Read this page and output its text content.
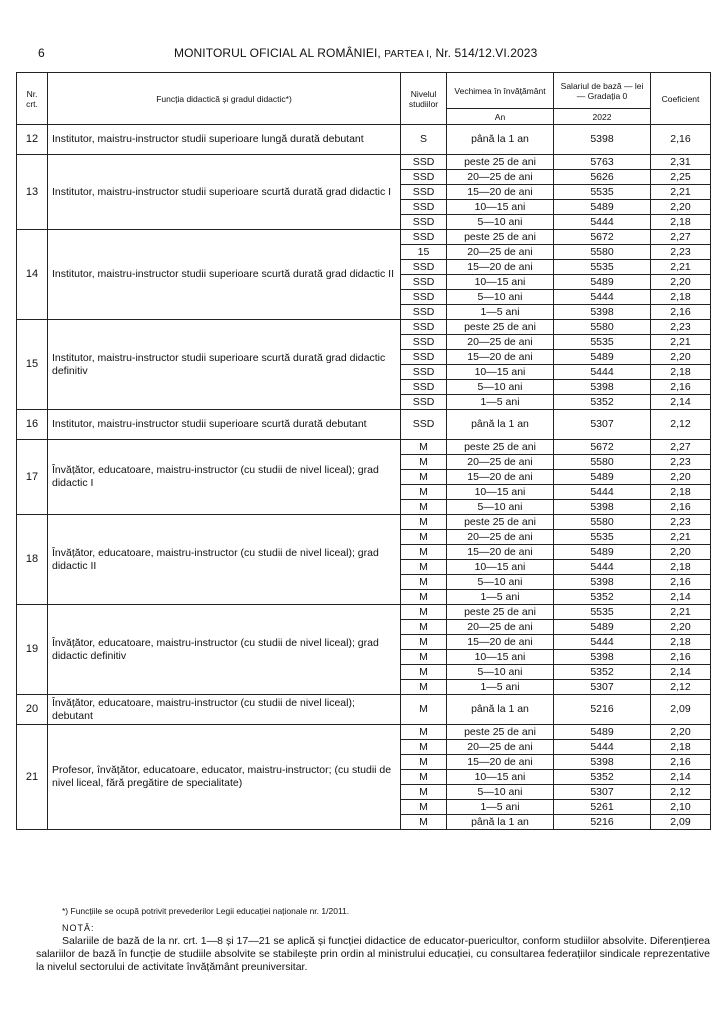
6	MONITORUL OFICIAL AL ROMÂNIEI, PARTEA I, Nr. 514/12.VI.2023
Nr. crt.	Funcția didactică și gradul didactic*)	Nivelul studiilor	Vechimea în învățământ	Salariul de bază — lei — Gradația 0	Coeficient
			An	2022	
12	Institutor, maistru-instructor studii superioare lungă durată debutant	S	până la 1 an	5398	2,16
13	Institutor, maistru-instructor studii superioare scurtă durată grad didactic I	SSD	peste 25 de ani	5763	2,31
		SSD	20—25 de ani	5626	2,25
		SSD	15—20 de ani	5535	2,21
		SSD	10—15 ani	5489	2,20
		SSD	5—10 ani	5444	2,18
14	Institutor, maistru-instructor studii superioare scurtă durată grad didactic II	SSD	peste 25 de ani	5672	2,27
		15	20—25 de ani	5580	2,23
		SSD	15—20 de ani	5535	2,21
		SSD	10—15 ani	5489	2,20
		SSD	5—10 ani	5444	2,18
		SSD	1—5 ani	5398	2,16
15	Institutor, maistru-instructor studii superioare scurtă durată grad didactic definitiv	SSD	peste 25 de ani	5580	2,23
		SSD	20—25 de ani	5535	2,21
		SSD	15—20 de ani	5489	2,20
		SSD	10—15 ani	5444	2,18
		SSD	5—10 ani	5398	2,16
		SSD	1—5 ani	5352	2,14
16	Institutor, maistru-instructor studii superioare scurtă durată debutant	SSD	până la 1 an	5307	2,12
17	Învățător, educatoare, maistru-instructor (cu studii de nivel liceal); grad didactic I	M	peste 25 de ani	5672	2,27
		M	20—25 de ani	5580	2,23
		M	15—20 de ani	5489	2,20
		M	10—15 ani	5444	2,18
		M	5—10 ani	5398	2,16
18	Învățător, educatoare, maistru-instructor (cu studii de nivel liceal); grad didactic II	M	peste 25 de ani	5580	2,23
		M	20—25 de ani	5535	2,21
		M	15—20 de ani	5489	2,20
		M	10—15 ani	5444	2,18
		M	5—10 ani	5398	2,16
		M	1—5 ani	5352	2,14
19	Învățător, educatoare, maistru-instructor (cu studii de nivel liceal); grad didactic definitiv	M	peste 25 de ani	5535	2,21
		M	20—25 de ani	5489	2,20
		M	15—20 de ani	5444	2,18
		M	10—15 ani	5398	2,16
		M	5—10 ani	5352	2,14
		M	1—5 ani	5307	2,12
20	Învățător, educatoare, maistru-instructor (cu studii de nivel liceal); debutant	M	până la 1 an	5216	2,09
21	Profesor, învățător, educatoare, educator, maistru-instructor; (cu studii de nivel liceal, fără pregătire de specialitate)	M	peste 25 de ani	5489	2,20
		M	20—25 de ani	5444	2,18
		M	15—20 de ani	5398	2,16
		M	10—15 ani	5352	2,14
		M	5—10 ani	5307	2,12
		M	1—5 ani	5261	2,10
		M	până la 1 an	5216	2,09
*) Funcțiile se ocupă potrivit prevederilor Legii educației naționale nr. 1/2011.
NOTĂ:
Salariile de bază de la nr. crt. 1—8 și 17—21 se aplică și funcției didactice de educator-puericultor, conform studiilor absolvite. Diferențierea salariilor de bază în funcție de studiile absolvite se stabilește prin ordin al ministrului educației, cu consultarea federațiilor sindicale reprezentative la nivelul sectorului de activitate învățământ preuniversitar.
